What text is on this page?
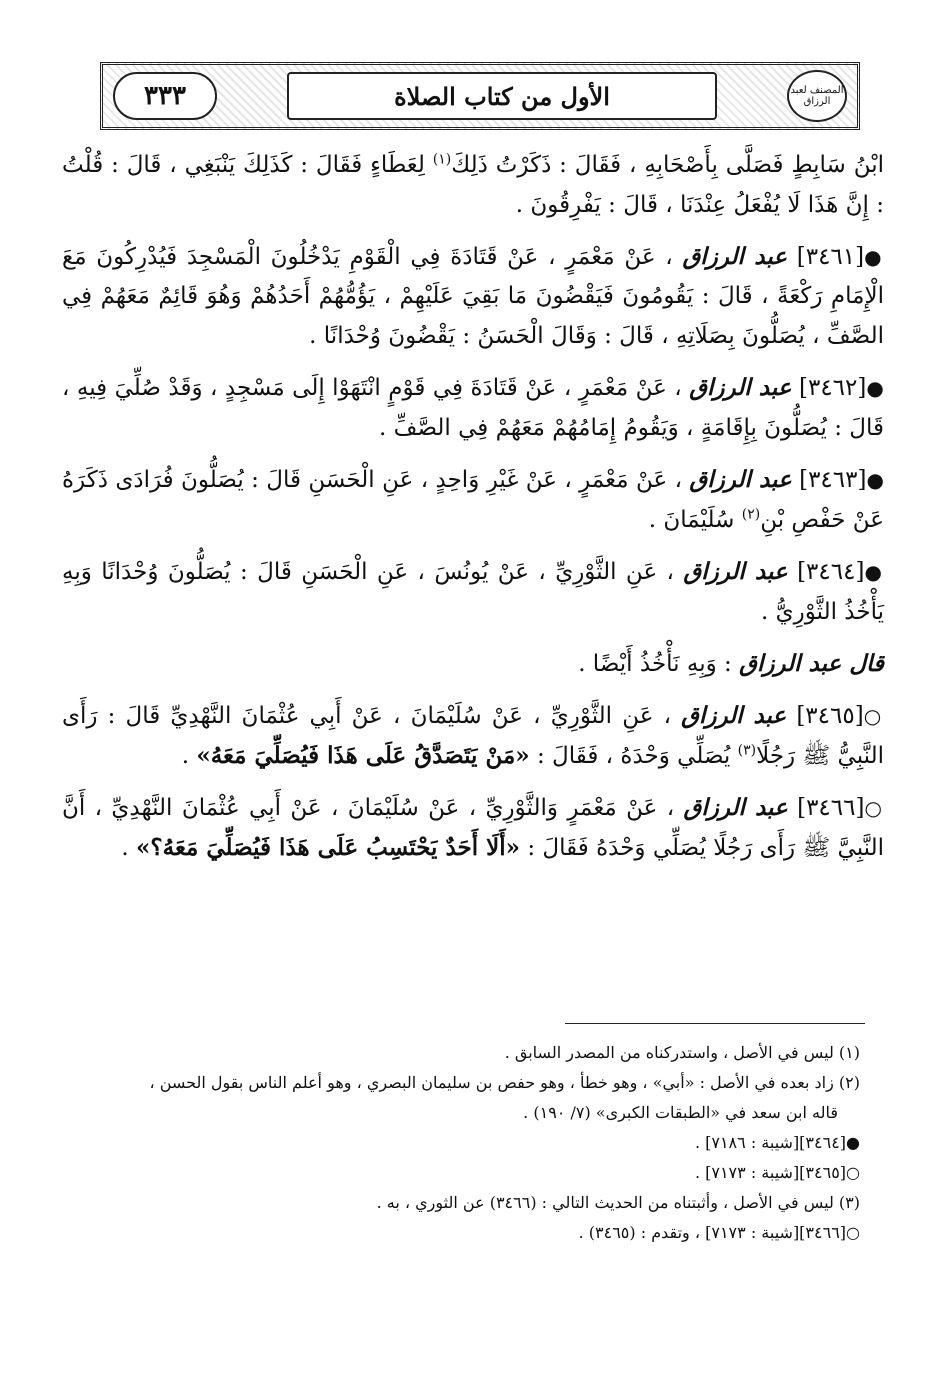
٣٣٣	الأول من كتاب الصلاة	المصنف لعبد الرزاق

ابْنُ سَابِطٍ فَصَلَّى بِأَصْحَابِهِ ، فَقَالَ : ذَكَرْتُ ذَلِكَ$^{(١)}$ لِعَطَاءٍ فَقَالَ : كَذَلِكَ يَنْبَغِي ، قَالَ : قُلْتُ : إِنَّ هَذَا لَا يُفْعَلُ عِنْدَنَا ، قَالَ : يَفْرِقُونَ .

●[٣٤٦١] عبد الرزاق ، عَنْ مَعْمَرٍ ، عَنْ قَتَادَةَ فِي الْقَوْمِ يَدْخُلُونَ الْمَسْجِدَ فَيُدْرِكُونَ مَعَ الْإِمَامِ رَكْعَةً ، قَالَ : يَقُومُونَ فَيَقْضُونَ مَا بَقِيَ عَلَيْهِمْ ، يَؤُمُّهُمْ أَحَدُهُمْ وَهُوَ قَائِمٌ مَعَهُمْ فِي الصَّفِّ ، يُصَلُّونَ بِصَلَاتِهِ ، قَالَ : وَقَالَ الْحَسَنُ : يَقْضُونَ وُحْدَانًا .

●[٣٤٦٢] عبد الرزاق ، عَنْ مَعْمَرٍ ، عَنْ قَتَادَةَ فِي قَوْمٍ انْتَهَوْا إِلَى مَسْجِدٍ ، وَقَدْ صُلِّيَ فِيهِ ، قَالَ : يُصَلُّونَ بِإِقَامَةٍ ، وَيَقُومُ إِمَامُهُمْ مَعَهُمْ فِي الصَّفِّ .

●[٣٤٦٣] عبد الرزاق ، عَنْ مَعْمَرٍ ، عَنْ غَيْرِ وَاحِدٍ ، عَنِ الْحَسَنِ قَالَ : يُصَلُّونَ فُرَادَى ذَكَرَهُ عَنْ حَفْصِ بْنِ$^{(٢)}$ سُلَيْمَانَ .

●[٣٤٦٤] عبد الرزاق ، عَنِ الثَّوْرِيِّ ، عَنْ يُونُسَ ، عَنِ الْحَسَنِ قَالَ : يُصَلُّونَ وُحْدَانًا وَبِهِ يَأْخُذُ الثَّوْرِيُّ .

قال عبد الرزاق : وَبِهِ نَأْخُذُ أَيْضًا .

○[٣٤٦٥] عبد الرزاق ، عَنِ الثَّوْرِيِّ ، عَنْ سُلَيْمَانَ ، عَنْ أَبِي عُثْمَانَ النَّهْدِيِّ قَالَ : رَأَى النَّبِيُّ ﷺ رَجُلًا$^{(٣)}$ يُصَلِّي وَحْدَهُ ، فَقَالَ : «مَنْ يَتَصَدَّقُ عَلَى هَذَا فَيُصَلِّيَ مَعَهُ» .

○[٣٤٦٦] عبد الرزاق ، عَنْ مَعْمَرٍ وَالثَّوْرِيِّ ، عَنْ سُلَيْمَانَ ، عَنْ أَبِي عُثْمَانَ النَّهْدِيِّ ، أَنَّ النَّبِيَّ ﷺ رَأَى رَجُلًا يُصَلِّي وَحْدَهُ فَقَالَ : «أَلَا أَحَدٌ يَحْتَسِبُ عَلَى هَذَا فَيُصَلِّيَ مَعَهُ؟» .

(١) ليس في الأصل ، واستدركناه من المصدر السابق .

(٢) زاد بعده في الأصل : «أبي» ، وهو خطأ ، وهو حفص بن سليمان البصري ، وهو أعلم الناس بقول الحسن ،

قاله ابن سعد في «الطبقات الكبرى» (٧/ ١٩٠) .

●[٣٤٦٤][شيبة : ٧١٨٦] .

○[٣٤٦٥][شيبة : ٧١٧٣] .

(٣) ليس في الأصل ، وأثبتناه من الحديث التالي : (٣٤٦٦) عن الثوري ، به .

○[٣٤٦٦][شيبة : ٧١٧٣] ، وتقدم : (٣٤٦٥) .
